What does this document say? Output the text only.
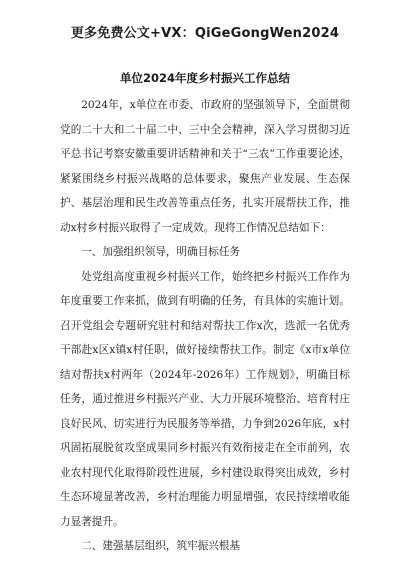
更多免费公文+VX：QiGeGongWen2024
单位2024年度乡村振兴工作总结

2024年，x单位在市委、市政府的坚强领导下，全面贯彻党的二十大和二十届二中、三中全会精神，深入学习贯彻习近平总书记考察安徽重要讲话精神和关于“三农”工作重要论述，紧紧围绕乡村振兴战略的总体要求，聚焦产业发展、生态保护、基层治理和民生改善等重点任务，扎实开展帮扶工作，推动x村乡村振兴取得了一定成效。现将工作情况总结如下：

一、加强组织领导，明确目标任务

处党组高度重视乡村振兴工作，始终把乡村振兴工作作为年度重要工作来抓，做到有明确的任务，有具体的实施计划。召开党组会专题研究驻村和结对帮扶工作x次，选派一名优秀干部赴x区x镇x村任职，做好接续帮扶工作。制定《x市x单位结对帮扶x村两年（2024年-2026年）工作规划》，明确目标任务，通过推进乡村振兴产业、大力开展环境整治、培育村庄良好民风、切实进行为民服务等举措，力争到2026年底，x村巩固拓展脱贫攻坚成果同乡村振兴有效衔接走在全市前列，农业农村现代化取得阶段性进展，乡村建设取得突出成效，乡村生态环境显著改善，乡村治理能力明显增强，农民持续增收能力显著提升。

二、建强基层组织，筑牢振兴根基
